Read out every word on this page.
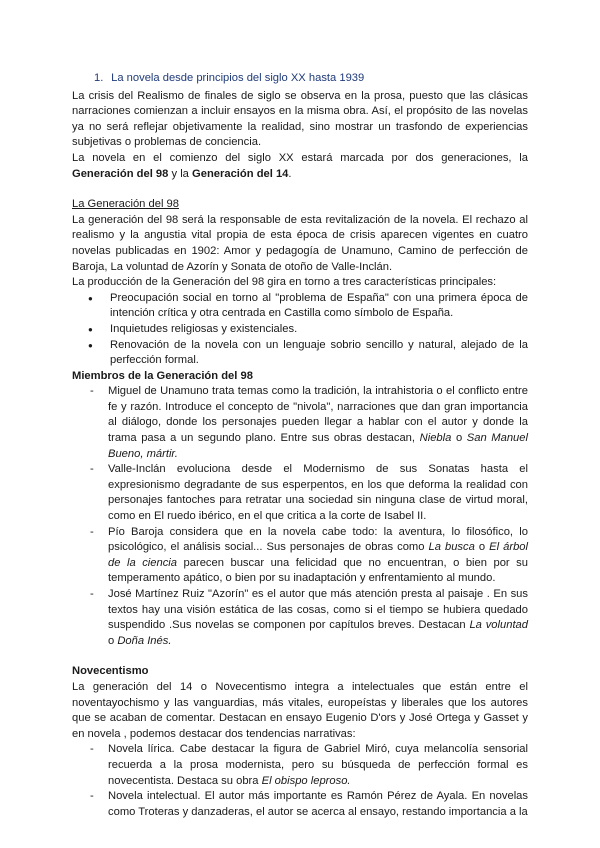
1. La novela desde principios del siglo XX hasta 1939

La crisis del Realismo de finales de siglo se observa en la prosa, puesto que las clásicas narraciones comienzan a incluir ensayos en la misma obra. Así, el propósito de las novelas ya no será reflejar objetivamente la realidad, sino mostrar un trasfondo de experiencias subjetivas o problemas de conciencia.

La novela en el comienzo del siglo XX estará marcada por dos generaciones, la Generación del 98 y la Generación del 14.

La Generación del 98

La generación del 98 será la responsable de esta revitalización de la novela. El rechazo al realismo y la angustia vital propia de esta época de crisis aparecen vigentes en cuatro novelas publicadas en 1902: Amor y pedagogía de Unamuno, Camino de perfección de Baroja, La voluntad de Azorín y Sonata de otoño de Valle-Inclán.

La producción de la Generación del 98 gira en torno a tres características principales:

● Preocupación social en torno al "problema de España" con una primera época de intención crítica y otra centrada en Castilla como símbolo de España.
● Inquietudes religiosas y existenciales.
● Renovación de la novela con un lenguaje sobrio sencillo y natural, alejado de la perfección formal.

Miembros de la Generación del 98

- Miguel de Unamuno trata temas como la tradición, la intrahistoria o el conflicto entre fe y razón. Introduce el concepto de "nivola", narraciones que dan gran importancia al diálogo, donde los personajes pueden llegar a hablar con el autor y donde la trama pasa a un segundo plano. Entre sus obras destacan, Niebla o San Manuel Bueno, mártir.
- Valle-Inclán evoluciona desde el Modernismo de sus Sonatas hasta el expresionismo degradante de sus esperpentos, en los que deforma la realidad con personajes fantoches para retratar una sociedad sin ninguna clase de virtud moral, como en El ruedo ibérico, en el que critica a la corte de Isabel II.
- Pío Baroja considera que en la novela cabe todo: la aventura, lo filosófico, lo psicológico, el análisis social... Sus personajes de obras como La busca o El árbol de la ciencia parecen buscar una felicidad que no encuentran, o bien por su temperamento apático, o bien por su inadaptación y enfrentamiento al mundo.
- José Martínez Ruiz "Azorín" es el autor que más atención presta al paisaje . En sus textos hay una visión estática de las cosas, como si el tiempo se hubiera quedado suspendido .Sus novelas se componen por capítulos breves. Destacan La voluntad o Doña Inés.

Novecentismo

La generación del 14 o Novecentismo integra a intelectuales que están entre el noventayochismo y las vanguardias, más vitales, europeístas y liberales que los autores que se acaban de comentar. Destacan en ensayo Eugenio D'ors y José Ortega y Gasset y en novela , podemos destacar dos tendencias narrativas:

- Novela lírica. Cabe destacar la figura de Gabriel Miró, cuya melancolía sensorial recuerda a la prosa modernista, pero su búsqueda de perfección formal es novecentista. Destaca su obra El obispo leproso.
- Novela intelectual. El autor más importante es Ramón Pérez de Ayala. En novelas como Troteras y danzaderas, el autor se acerca al ensayo, restando importancia a la
